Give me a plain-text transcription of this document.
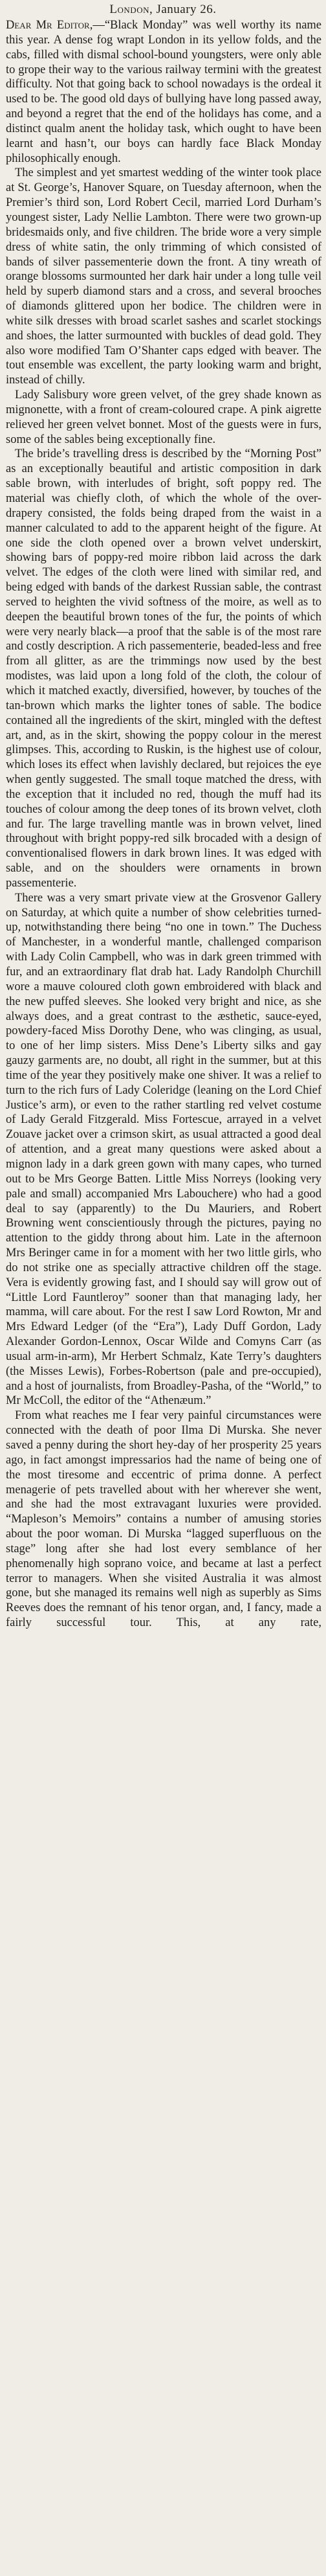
London, January 26.

Dear Mr Editor,—“Black Monday” was well worthy its name this year. A dense fog wrapt London in its yellow folds, and the cabs, filled with dismal school-bound youngsters, were only able to grope their way to the various railway termini with the greatest difficulty. Not that going back to school nowadays is the ordeal it used to be. The good old days of bullying have long passed away, and beyond a regret that the end of the holidays has come, and a distinct qualm anent the holiday task, which ought to have been learnt and hasn’t, our boys can hardly face Black Monday philosophically enough.

The simplest and yet smartest wedding of the winter took place at St. George’s, Hanover Square, on Tuesday afternoon, when the Premier’s third son, Lord Robert Cecil, married Lord Durham’s youngest sister, Lady Nellie Lambton. There were two grown-up bridesmaids only, and five children. The bride wore a very simple dress of white satin, the only trimming of which consisted of bands of silver passementerie down the front. A tiny wreath of orange blossoms surmounted her dark hair under a long tulle veil held by superb diamond stars and a cross, and several brooches of diamonds glittered upon her bodice. The children were in white silk dresses with broad scarlet sashes and scarlet stockings and shoes, the latter surmounted with buckles of dead gold. They also wore modified Tam O’Shanter caps edged with beaver. The tout ensemble was excellent, the party looking warm and bright, instead of chilly.

Lady Salisbury wore green velvet, of the grey shade known as mignonette, with a front of cream-coloured crape. A pink aigrette relieved her green velvet bonnet. Most of the guests were in furs, some of the sables being exceptionally fine.

The bride’s travelling dress is described by the “Morning Post” as an exceptionally beautiful and artistic composition in dark sable brown, with interludes of bright, soft poppy red. The material was chiefly cloth, of which the whole of the over-drapery consisted, the folds being draped from the waist in a manner calculated to add to the apparent height of the figure. At one side the cloth opened over a brown velvet underskirt, showing bars of poppy-red moire ribbon laid across the dark velvet. The edges of the cloth were lined with similar red, and being edged with bands of the darkest Russian sable, the contrast served to heighten the vivid softness of the moire, as well as to deepen the beautiful brown tones of the fur, the points of which were very nearly black—a proof that the sable is of the most rare and costly description. A rich passementerie, beaded-less and free from all glitter, as are the trimmings now used by the best modistes, was laid upon a long fold of the cloth, the colour of which it matched exactly, diversified, however, by touches of the tan-brown which marks the lighter tones of sable. The bodice contained all the ingredients of the skirt, mingled with the deftest art, and, as in the skirt, showing the poppy colour in the merest glimpses. This, according to Ruskin, is the highest use of colour, which loses its effect when lavishly declared, but rejoices the eye when gently suggested. The small toque matched the dress, with the exception that it included no red, though the muff had its touches of colour among the deep tones of its brown velvet, cloth and fur. The large travelling mantle was in brown velvet, lined throughout with bright poppy-red silk brocaded with a design of conventionalised flowers in dark brown lines. It was edged with sable, and on the shoulders were ornaments in brown passementerie.

There was a very smart private view at the Grosvenor Gallery on Saturday, at which quite a number of show celebrities turned-up, notwithstanding there being “no one in town.” The Duchess of Manchester, in a wonderful mantle, challenged comparison with Lady Colin Campbell, who was in dark green trimmed with fur, and an extraordinary flat drab hat. Lady Randolph Churchill wore a mauve coloured cloth gown embroidered with black and the new puffed sleeves. She looked very bright and nice, as she always does, and a great contrast to the æsthetic, sauce-eyed, powdery-faced Miss Dorothy Dene, who was clinging, as usual, to one of her limp sisters. Miss Dene’s Liberty silks and gay gauzy garments are, no doubt, all right in the summer, but at this time of the year they positively make one shiver. It was a relief to turn to the rich furs of Lady Coleridge (leaning on the Lord Chief Justice’s arm), or even to the rather startling red velvet costume of Lady Gerald Fitzgerald. Miss Fortescue, arrayed in a velvet Zouave jacket over a crimson skirt, as usual attracted a good deal of attention, and a great many questions were asked about a mignon lady in a dark green gown with many capes, who turned out to be Mrs George Batten. Little Miss Norreys (looking very pale and small) accompanied Mrs Labouchere) who had a good deal to say (apparently) to the Du Mauriers, and Robert Browning went conscientiously through the pictures, paying no attention to the giddy throng about him. Late in the afternoon Mrs Beringer came in for a moment with her two little girls, who do not strike one as specially attractive children off the stage. Vera is evidently growing fast, and I should say will grow out of “Little Lord Fauntleroy” sooner than that managing lady, her mamma, will care about. For the rest I saw Lord Rowton, Mr and Mrs Edward Ledger (of the “Era”), Lady Duff Gordon, Lady Alexander Gordon-Lennox, Oscar Wilde and Comyns Carr (as usual arm-in-arm), Mr Herbert Schmalz, Kate Terry’s daughters (the Misses Lewis), Forbes-Robertson (pale and pre-occupied), and a host of journalists, from Broadley-Pasha, of the “World,” to Mr McColl, the editor of the “Athenæum.”

From what reaches me I fear very painful circumstances were connected with the death of poor Ilma Di Murska. She never saved a penny during the short hey-day of her prosperity 25 years ago, in fact amongst impressarios had the name of being one of the most tiresome and eccentric of prima donne. A perfect menagerie of pets travelled about with her wherever she went, and she had the most extravagant luxuries were provided. “Mapleson’s Memoirs” contains a number of amusing stories about the poor woman. Di Murska “lagged superfluous on the stage” long after she had lost every semblance of her phenomenally high soprano voice, and became at last a perfect terror to managers. When she visited Australia it was almost gone, but she managed its remains well nigh as superbly as Sims Reeves does the remnant of his tenor organ, and, I fancy, made a fairly successful tour. This, at any rate,
